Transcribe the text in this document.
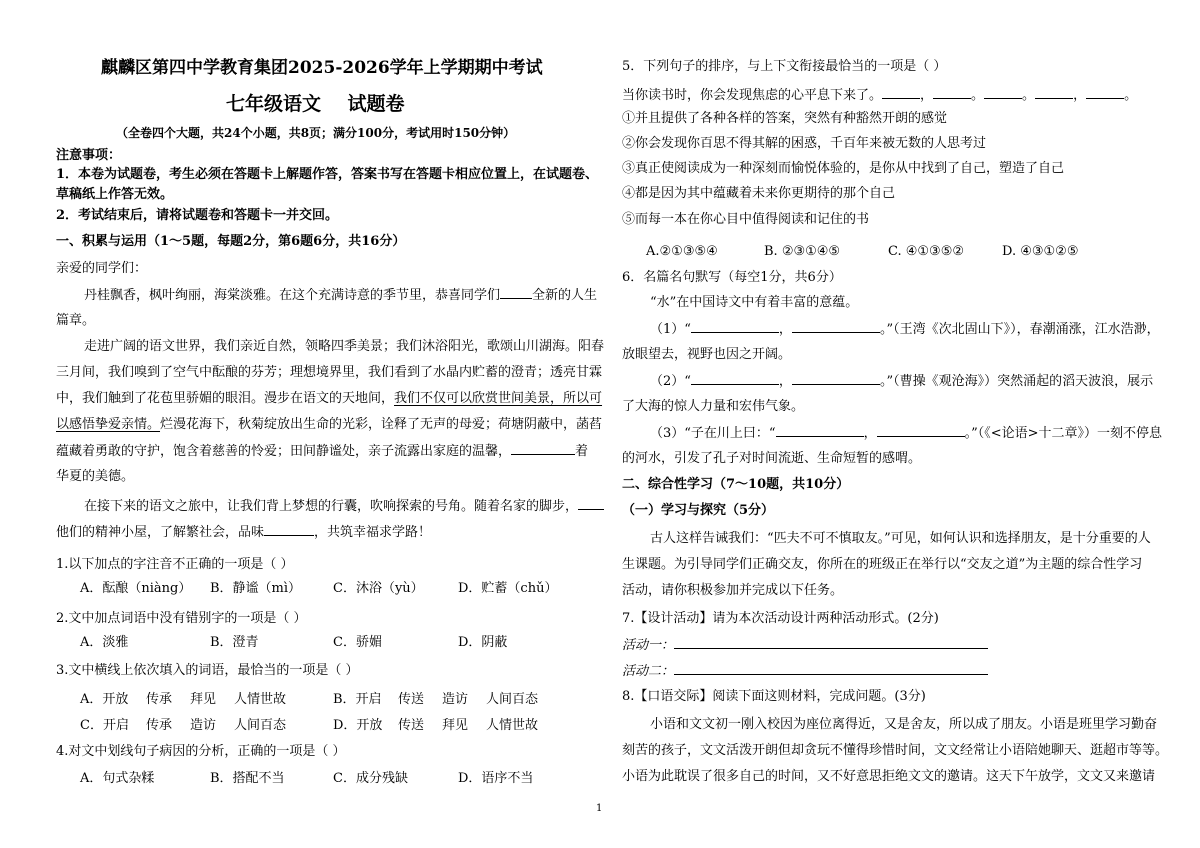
麒麟区第四中学教育集团2025-2026学年上学期期中考试
七年级语文    试题卷
（全卷四个大题，共24个小题，共8页；满分100分，考试用时150分钟）
注意事项：
1．本卷为试题卷，考生必须在答题卡上解题作答，答案书写在答题卡相应位置上，在试题卷、
草稿纸上作答无效。
2．考试结束后，请将试题卷和答题卡一并交回。
一、积累与运用（1～5题，每题2分，第6题6分，共16分）
亲爱的同学们：
丹桂飘香，枫叶绚丽，海棠淡雅。在这个充满诗意的季节里，恭喜同学们 全新的人生
篇章。
走进广阔的语文世界，我们亲近自然，领略四季美景；我们沐浴阳光，歌颂山川湖海。阳春
三月间，我们嗅到了空气中酝酿的芬芳；理想境界里，我们看到了水晶内贮蓄的澄青；透亮甘霖
中，我们触到了花苞里骄媚的眼泪。漫步在语文的天地间，我们不仅可以欣赏世间美景，所以可
以感悟挚爱亲情。烂漫花海下，秋菊绽放出生命的光彩，诠释了无声的母爱；荷塘阴蔽中，菡萏
蕴藏着勇敢的守护，饱含着慈善的怜爱；田间静谧处，亲子流露出家庭的温馨，	着
华夏的美德。
在接下来的语文之旅中，让我们背上梦想的行囊，吹响探索的号角。随着名家的脚步，
他们的精神小屋，了解繁社会，品味	，共筑幸福求学路！
1.以下加点的字注音不正确的一项是（ ）
A．酝酿（niàng） B．静谧（mì） C．沐浴（yù）	D．贮蓄（chǔ）
2.文中加点词语中没有错别字的一项是（ ）
A．淡雅	B．澄青	C．骄媚	D．阴蔽
3.文中横线上依次填入的词语，最恰当的一项是（ ）
A．开放 传承 拜见 人情世故	B．开启 传送 造访 人间百态
C．开启 传承 造访 人间百态	D．开放 传送 拜见 人情世故
4.对文中划线句子病因的分析，正确的一项是（ ）
A．句式杂糅	B．搭配不当	C．成分残缺	D．语序不当
5．下列句子的排序，与上下文衔接最恰当的一项是（ ）
当你读书时，你会发现焦虑的心平息下来了。	，	。	。	，	。
①并且提供了各种各样的答案，突然有种豁然开朗的感觉
②你会发现你百思不得其解的困惑，千百年来被无数的人思考过
③真正使阅读成为一种深刻而愉悦体验的，是你从中找到了自己，塑造了自己
④都是因为其中蕴藏着未来你更期待的那个自己
⑤而每一本在你心目中值得阅读和记住的书
A.②①③⑤④	B. ②③①④⑤	C. ④①③⑤②	D. ④③①②⑤
6．名篇名句默写（每空1分，共6分）
“水”在中国诗文中有着丰富的意蕴。
（1）“	，	。”（王湾《次北固山下》），春潮涌涨，江水浩渺，
放眼望去，视野也因之开阔。
（2）“	，	。”（曹操《观沧海》）突然涌起的滔天波浪，展示
了大海的惊人力量和宏伟气象。
（3）“子在川上曰：“	，	。”（《<论语>十二章》）一刻不停息
的河水，引发了孔子对时间流逝、生命短暂的感喟。
二、综合性学习（7～10题，共10分）
（一）学习与探究（5分）
古人这样告诫我们：“匹夫不可不慎取友。”可见，如何认识和选择朋友，是十分重要的人
生课题。为引导同学们正确交友，你所在的班级正在举行以“交友之道”为主题的综合性学习
活动，请你积极参加并完成以下任务。
7.【设计活动】请为本次活动设计两种活动形式。(2分)
活动一：
活动二：
8.【口语交际】阅读下面这则材料，完成问题。(3分)
小语和文文初一刚入校因为座位离得近，又是舍友，所以成了朋友。小语是班里学习勤奋
刻苦的孩子，文文活泼开朗但却贪玩不懂得珍惜时间，文文经常让小语陪她聊天、逛超市等等。
小语为此耽误了很多自己的时间，又不好意思拒绝文文的邀请。这天下午放学，文文又来邀请
1
